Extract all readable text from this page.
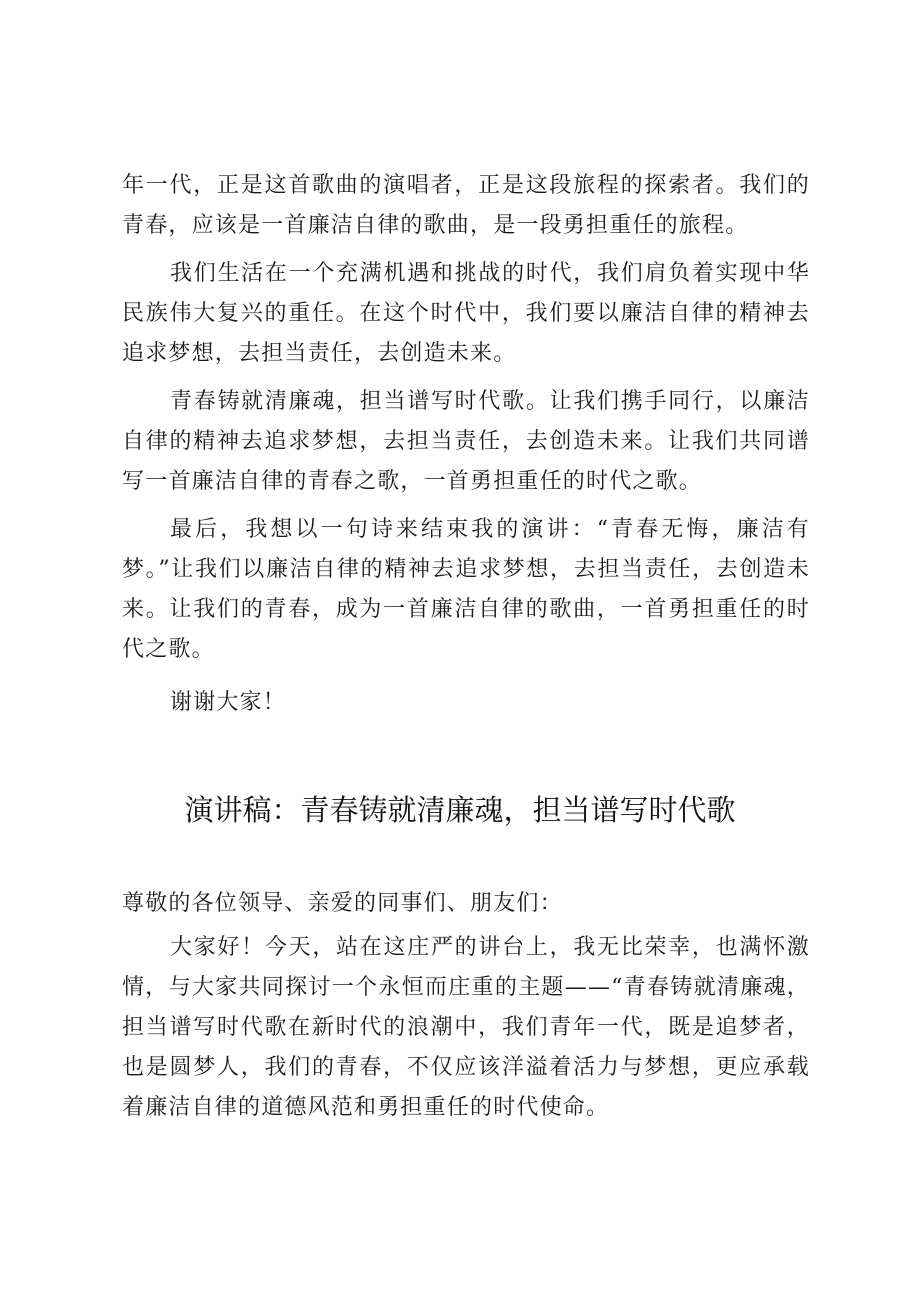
年一代，正是这首歌曲的演唱者，正是这段旅程的探索者。我们的青春，应该是一首廉洁自律的歌曲，是一段勇担重任的旅程。

我们生活在一个充满机遇和挑战的时代，我们肩负着实现中华民族伟大复兴的重任。在这个时代中，我们要以廉洁自律的精神去追求梦想，去担当责任，去创造未来。

青春铸就清廉魂，担当谱写时代歌。让我们携手同行，以廉洁自律的精神去追求梦想，去担当责任，去创造未来。让我们共同谱写一首廉洁自律的青春之歌，一首勇担重任的时代之歌。

最后，我想以一句诗来结束我的演讲：“青春无悔，廉洁有梦。”让我们以廉洁自律的精神去追求梦想，去担当责任，去创造未来。让我们的青春，成为一首廉洁自律的歌曲，一首勇担重任的时代之歌。

谢谢大家！

演讲稿：青春铸就清廉魂，担当谱写时代歌

尊敬的各位领导、亲爱的同事们、朋友们：

大家好！今天，站在这庄严的讲台上，我无比荣幸，也满怀激情，与大家共同探讨一个永恒而庄重的主题——“青春铸就清廉魂，担当谱写时代歌在新时代的浪潮中，我们青年一代，既是追梦者，也是圆梦人，我们的青春，不仅应该洋溢着活力与梦想，更应承载着廉洁自律的道德风范和勇担重任的时代使命。
